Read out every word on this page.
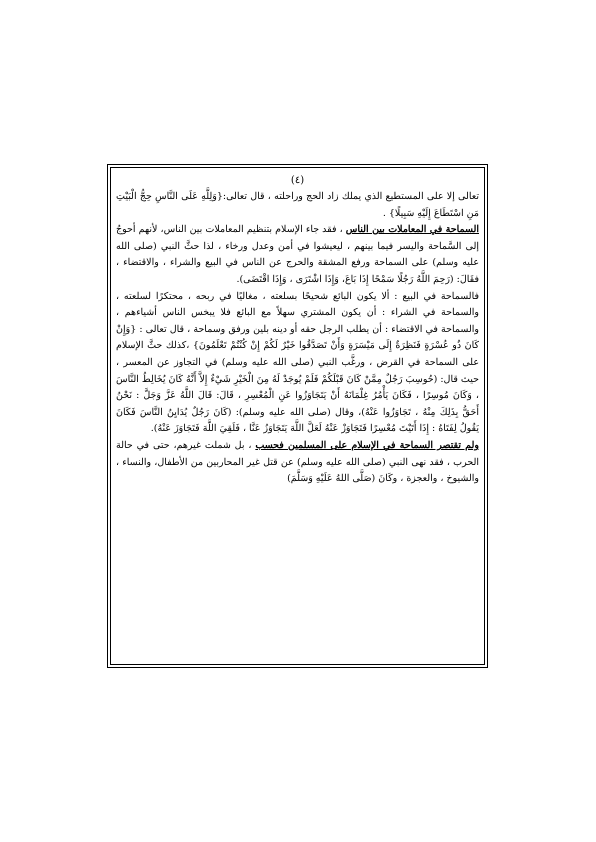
(٤)

تعالى إلا على المستطيع الذي يملك زاد الحج وراحلته ، قال تعالى:{وَلِلَّهِ عَلَى النَّاسِ حِجُّ الْبَيْتِ مَنِ اسْتَطَاعَ إِلَيْهِ سَبِيلًا} .

السماحة في المعاملات بين الناس ، فقد جاء الإسلام بتنظيم المعاملات بين الناس، لأنهم أحوجُ إلى السَّماحة واليسر فيما بينهم ، ليعيشوا في أمن وعدل ورخاء ، لذا حثَّ النبي (صلى الله عليه وسلم) على السماحة ورفع المشقة والحرج عن الناس في البيع والشراء ، والاقتضاء ، فقَالَ: (رَحِمَ اللَّهُ رَجُلًا سَمْحًا إِذَا بَاعَ، وَإِذَا اشْتَرَى ، وَإِذَا اقْتَضَى).

فالسماحة في البيع : ألا يكون البائع شحيحًا بسلعته ، مغاليًا في ربحه ، محتكرًا لسلعته ، والسماحة في الشراء : أن يكون المشتري سهلاً مع البائع فلا يبخس الناس أشياءهم ، والسماحة في الاقتضاء : أن يطلب الرجل حقه أو دينه بلين ورفق وسماحة ، قال تعالى : {وَإِنْ كَانَ ذُو عُسْرَةٍ فَنَظِرَةٌ إِلَى مَيْسَرَةٍ وَأَنْ تَصَدَّقُوا خَيْرٌ لَكُمْ إِنْ كُنْتُمْ تَعْلَمُونَ} ،كذلك حثَّ الإسلام على السماحة في القرض ، ورغَّب النبي (صلى الله عليه وسلم) في التجاوز عن المعسر ، حيث قال: (حُوسِبَ رَجُلٌ مِمَّنْ كَانَ قَبْلَكُمْ فَلَمْ يُوجَدْ لَهُ مِنَ الْخَيْرِ شَيْءٌ إِلاَّ أَنَّهُ كَانَ يُخَالِطُ النَّاسَ ، وَكَانَ مُوسِرًا ، فَكَانَ يَأْمُرُ غِلْمَانَهُ أَنْ يَتَجَاوَزُوا عَنِ الْمُعْسِرِ ، قَالَ: قَالَ اللَّهُ عَزَّ وَجَلَّ : نَحْنُ أَحَقُّ بِذَلِكَ مِنْهُ ، تَجَاوَزُوا عَنْهُ)، وقال (صلى الله عليه وسلم): (كَانَ رَجُلٌ يُدَايِنُ النَّاسَ فَكَانَ يَقُولُ لِفَتَاهُ : إِذَا أَتَيْتَ مُعْسِرًا فَتَجَاوَزْ عَنْهُ لَعَلَّ اللَّهَ يَتَجَاوَزُ عَنَّا ، فَلَقِيَ اللَّهَ فَتَجَاوَزَ عَنْهُ).

ولم تقتصر السماحة في الإسلام على المسلمين فحسب ، بل شملت غيرهم، حتى في حالة الحرب ، فقد نهى النبي (صلى الله عليه وسلم) عن قتل غير المحاربين من الأطفال، والنساء ، والشيوخ ، والعجزة ، وكَانَ (صَلَّى اللهُ عَلَيْهِ وَسَلَّمَ)
